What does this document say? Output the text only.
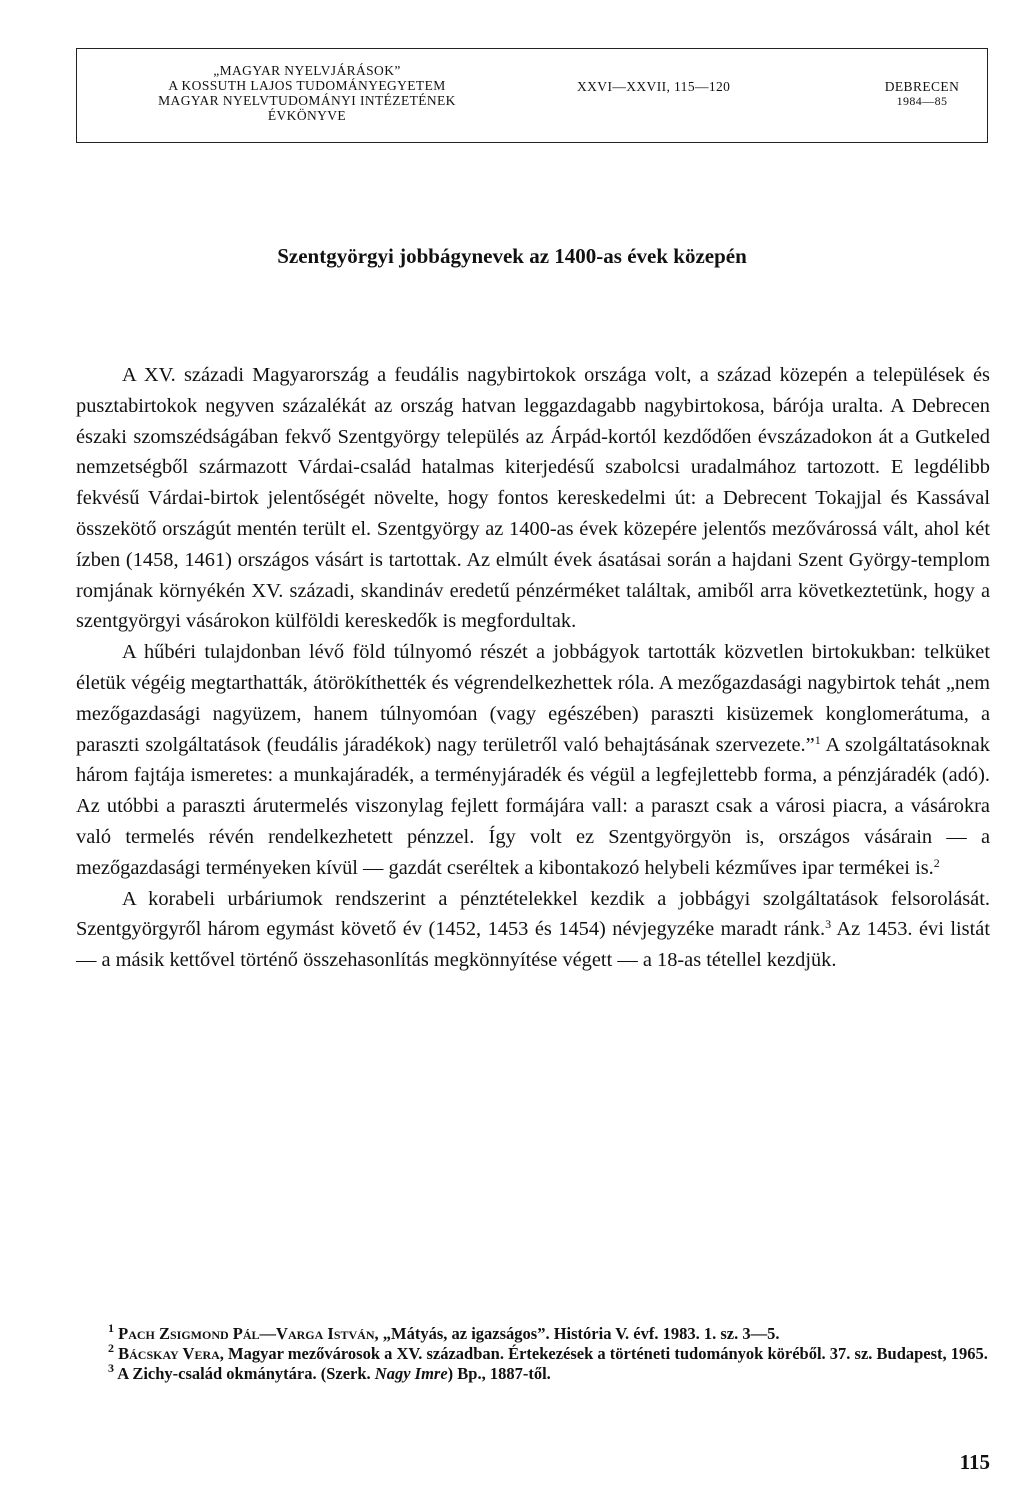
„MAGYAR NYELVJÁRÁSOK”
A KOSSUTH LAJOS TUDOMÁNYEGYETEM
MAGYAR NYELVTUDOMÁNYI INTÉZETÉNEK
ÉVKÖNYVE
XXVI—XXVII, 115—120	DEBRECEN
1984—85
Szentgyörgyi jobbágynevek az 1400-as évek közepén

A XV. századi Magyarország a feudális nagybirtokok országa volt, a század közepén a települések és pusztabirtokok negyven százalékát az ország hatvan leggazdagabb nagybirtokosa, bárója uralta. A Debrecen északi szomszédságában fekvő Szentgyörgy település az Árpád-kortól kezdődően évszázadokon át a Gutkeled nemzetségből származott Várdai-család hatalmas kiterjedésű szabolcsi uradalmához tartozott. E legdélibb fekvésű Várdai-birtok jelentőségét növelte, hogy fontos kereskedelmi út: a Debrecent Tokajjal és Kassával összekötő országút mentén terült el. Szentgyörgy az 1400-as évek közepére jelentős mezővárossá vált, ahol két ízben (1458, 1461) országos vásárt is tartottak. Az elmúlt évek ásatásai során a hajdani Szent György-templom romjának környékén XV. századi, skandináv eredetű pénzérméket találtak, amiből arra következtetünk, hogy a szentgyörgyi vásárokon külföldi kereskedők is megfordultak.

A hűbéri tulajdonban lévő föld túlnyomó részét a jobbágyok tartották közvetlen birtokukban: telküket életük végéig megtarthatták, átörökíthették és végrendelkezhettek róla. A mezőgazdasági nagybirtok tehát „nem mezőgazdasági nagyüzem, hanem túlnyomóan (vagy egészében) paraszti kisüzemek konglomerátuma, a paraszti szolgáltatások (feudális járadékok) nagy területről való behajtásának szervezete.”$^1$ A szolgáltatásoknak három fajtája ismeretes: a munkajáradék, a terményjáradék és végül a legfejlettebb forma, a pénzjáradék (adó). Az utóbbi a paraszti árutermelés viszonylag fejlett formájára vall: a paraszt csak a városi piacra, a vásárokra való termelés révén rendelkezhetett pénzzel. Így volt ez Szentgyörgyön is, országos vásárain — a mezőgazdasági terményeken kívül — gazdát cseréltek a kibontakozó helybeli kézműves ipar termékei is.$^2$

A korabeli urbáriumok rendszerint a pénztételekkel kezdik a jobbágyi szolgáltatások felsorolását. Szentgyörgyről három egymást követő év (1452, 1453 és 1454) névjegyzéke maradt ránk.$^3$ Az 1453. évi listát — a másik kettővel történő összehasonlítás megkönnyítése végett — a 18-as tétellel kezdjük.

$^1$ Pach Zsigmond Pál—Varga István, „Mátyás, az igazságos”. História V. évf. 1983. 1. sz. 3—5.

$^2$ Bácskay Vera, Magyar mezővárosok a XV. században. Értekezések a történeti tudományok köréből. 37. sz. Budapest, 1965.

$^3$ A Zichy-család okmánytára. (Szerk. Nagy Imre) Bp., 1887-től.

115
